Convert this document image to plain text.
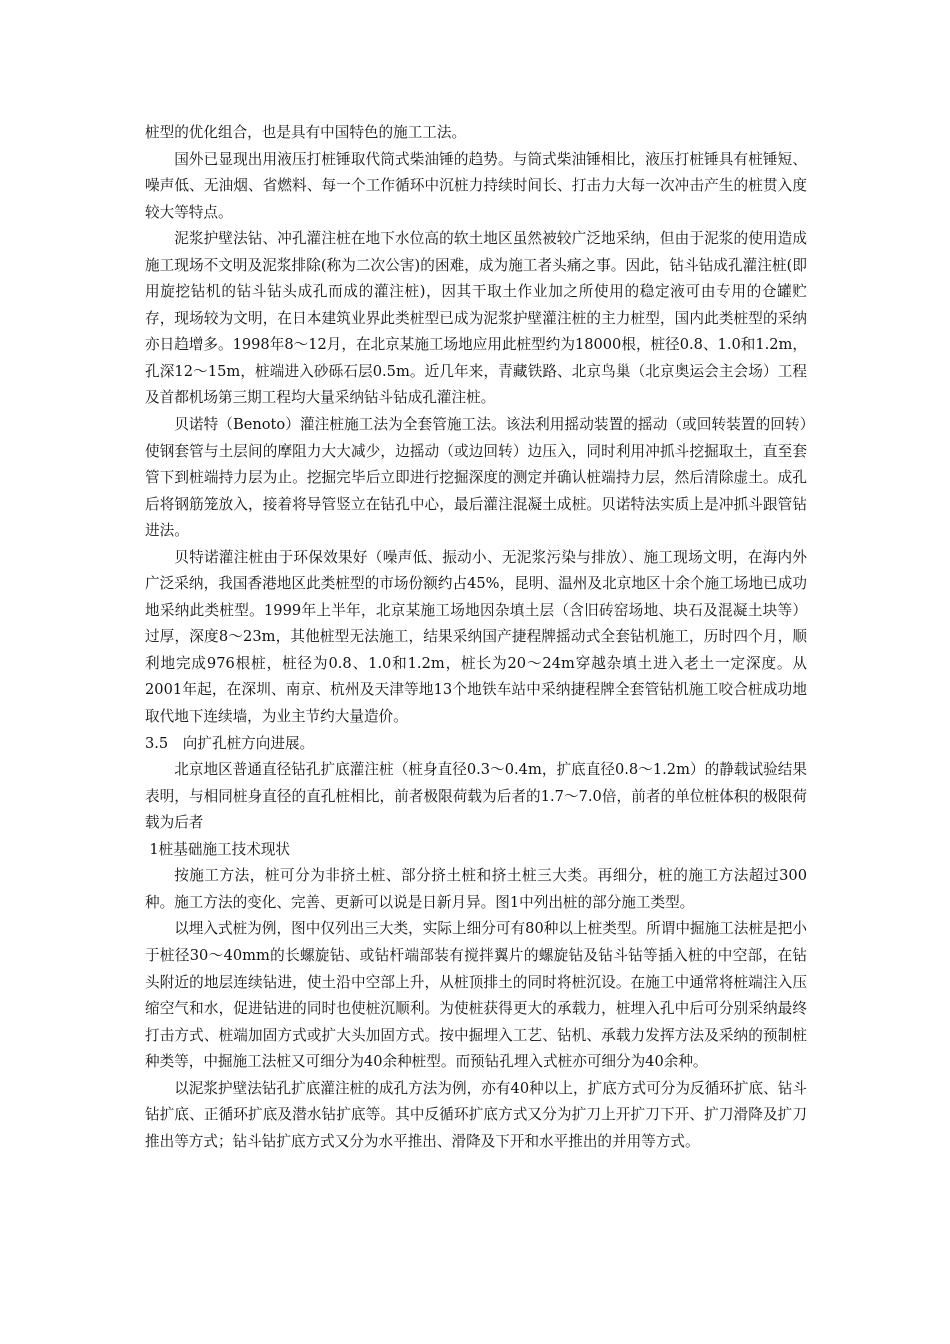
桩型的优化组合，也是具有中国特色的施工工法。

国外已显现出用液压打桩锤取代筒式柴油锤的趋势。与筒式柴油锤相比，液压打桩锤具有桩锤短、噪声低、无油烟、省燃料、每一个工作循环中沉桩力持续时间长、打击力大每一次冲击产生的桩贯入度较大等特点。

泥浆护壁法钻、冲孔灌注桩在地下水位高的软土地区虽然被较广泛地采纳，但由于泥浆的使用造成施工现场不文明及泥浆排除(称为二次公害)的困难，成为施工者头痛之事。因此，钻斗钻成孔灌注桩(即用旋挖钻机的钻斗钻头成孔而成的灌注桩)，因其干取土作业加之所使用的稳定液可由专用的仓罐贮存，现场较为文明，在日本建筑业界此类桩型已成为泥浆护壁灌注桩的主力桩型，国内此类桩型的采纳亦日趋增多。1998年8～12月，在北京某施工场地应用此桩型约为18000根，桩径0.8、1.0和1.2m，孔深12～15m，桩端进入砂砾石层0.5m。近几年来，青藏铁路、北京鸟巢（北京奥运会主会场）工程及首都机场第三期工程均大量采纳钻斗钻成孔灌注桩。

贝诺特（Benoto）灌注桩施工法为全套管施工法。该法利用摇动装置的摇动（或回转装置的回转）使钢套管与土层间的摩阻力大大减少，边摇动（或边回转）边压入，同时利用冲抓斗挖掘取土，直至套管下到桩端持力层为止。挖掘完毕后立即进行挖掘深度的测定并确认桩端持力层，然后清除虚土。成孔后将钢筋笼放入，接着将导管竖立在钻孔中心，最后灌注混凝土成桩。贝诺特法实质上是冲抓斗跟管钻进法。

贝特诺灌注桩由于环保效果好（噪声低、振动小、无泥浆污染与排放）、施工现场文明，在海内外广泛采纳，我国香港地区此类桩型的市场份额约占45%，昆明、温州及北京地区十余个施工场地已成功地采纳此类桩型。1999年上半年，北京某施工场地因杂填土层（含旧砖窑场地、块石及混凝土块等）过厚，深度8～23m，其他桩型无法施工，结果采纳国产捷程牌摇动式全套钻机施工，历时四个月，顺利地完成976根桩，桩径为0.8、1.0和1.2m，桩长为20～24m穿越杂填土进入老土一定深度。从2001年起，在深圳、南京、杭州及天津等地13个地铁车站中采纳捷程牌全套管钻机施工咬合桩成功地取代地下连续墙，为业主节约大量造价。

3.5　向扩孔桩方向进展。

北京地区普通直径钻孔扩底灌注桩（桩身直径0.3～0.4m，扩底直径0.8～1.2m）的静载试验结果表明，与相同桩身直径的直孔桩相比，前者极限荷载为后者的1.7～7.0倍，前者的单位桩体积的极限荷载为后者

1桩基础施工技术现状

按施工方法，桩可分为非挤土桩、部分挤土桩和挤土桩三大类。再细分，桩的施工方法超过300种。施工方法的变化、完善、更新可以说是日新月异。图1中列出桩的部分施工类型。

以埋入式桩为例，图中仅列出三大类，实际上细分可有80种以上桩类型。所谓中掘施工法桩是把小于桩径30～40mm的长螺旋钻、或钻杆端部装有搅拌翼片的螺旋钻及钻斗钻等插入桩的中空部，在钻头附近的地层连续钻进，使土沿中空部上升，从桩顶排土的同时将桩沉设。在施工中通常将桩端注入压缩空气和水，促进钻进的同时也使桩沉顺利。为使桩获得更大的承载力，桩埋入孔中后可分别采纳最终打击方式、桩端加固方式或扩大头加固方式。按中掘埋入工艺、钻机、承载力发挥方法及采纳的预制桩种类等，中掘施工法桩又可细分为40余种桩型。而预钻孔埋入式桩亦可细分为40余种。

以泥浆护壁法钻孔扩底灌注桩的成孔方法为例，亦有40种以上，扩底方式可分为反循环扩底、钻斗钻扩底、正循环扩底及潜水钻扩底等。其中反循环扩底方式又分为扩刀上开扩刀下开、扩刀滑降及扩刀推出等方式；钻斗钻扩底方式又分为水平推出、滑降及下开和水平推出的并用等方式。
